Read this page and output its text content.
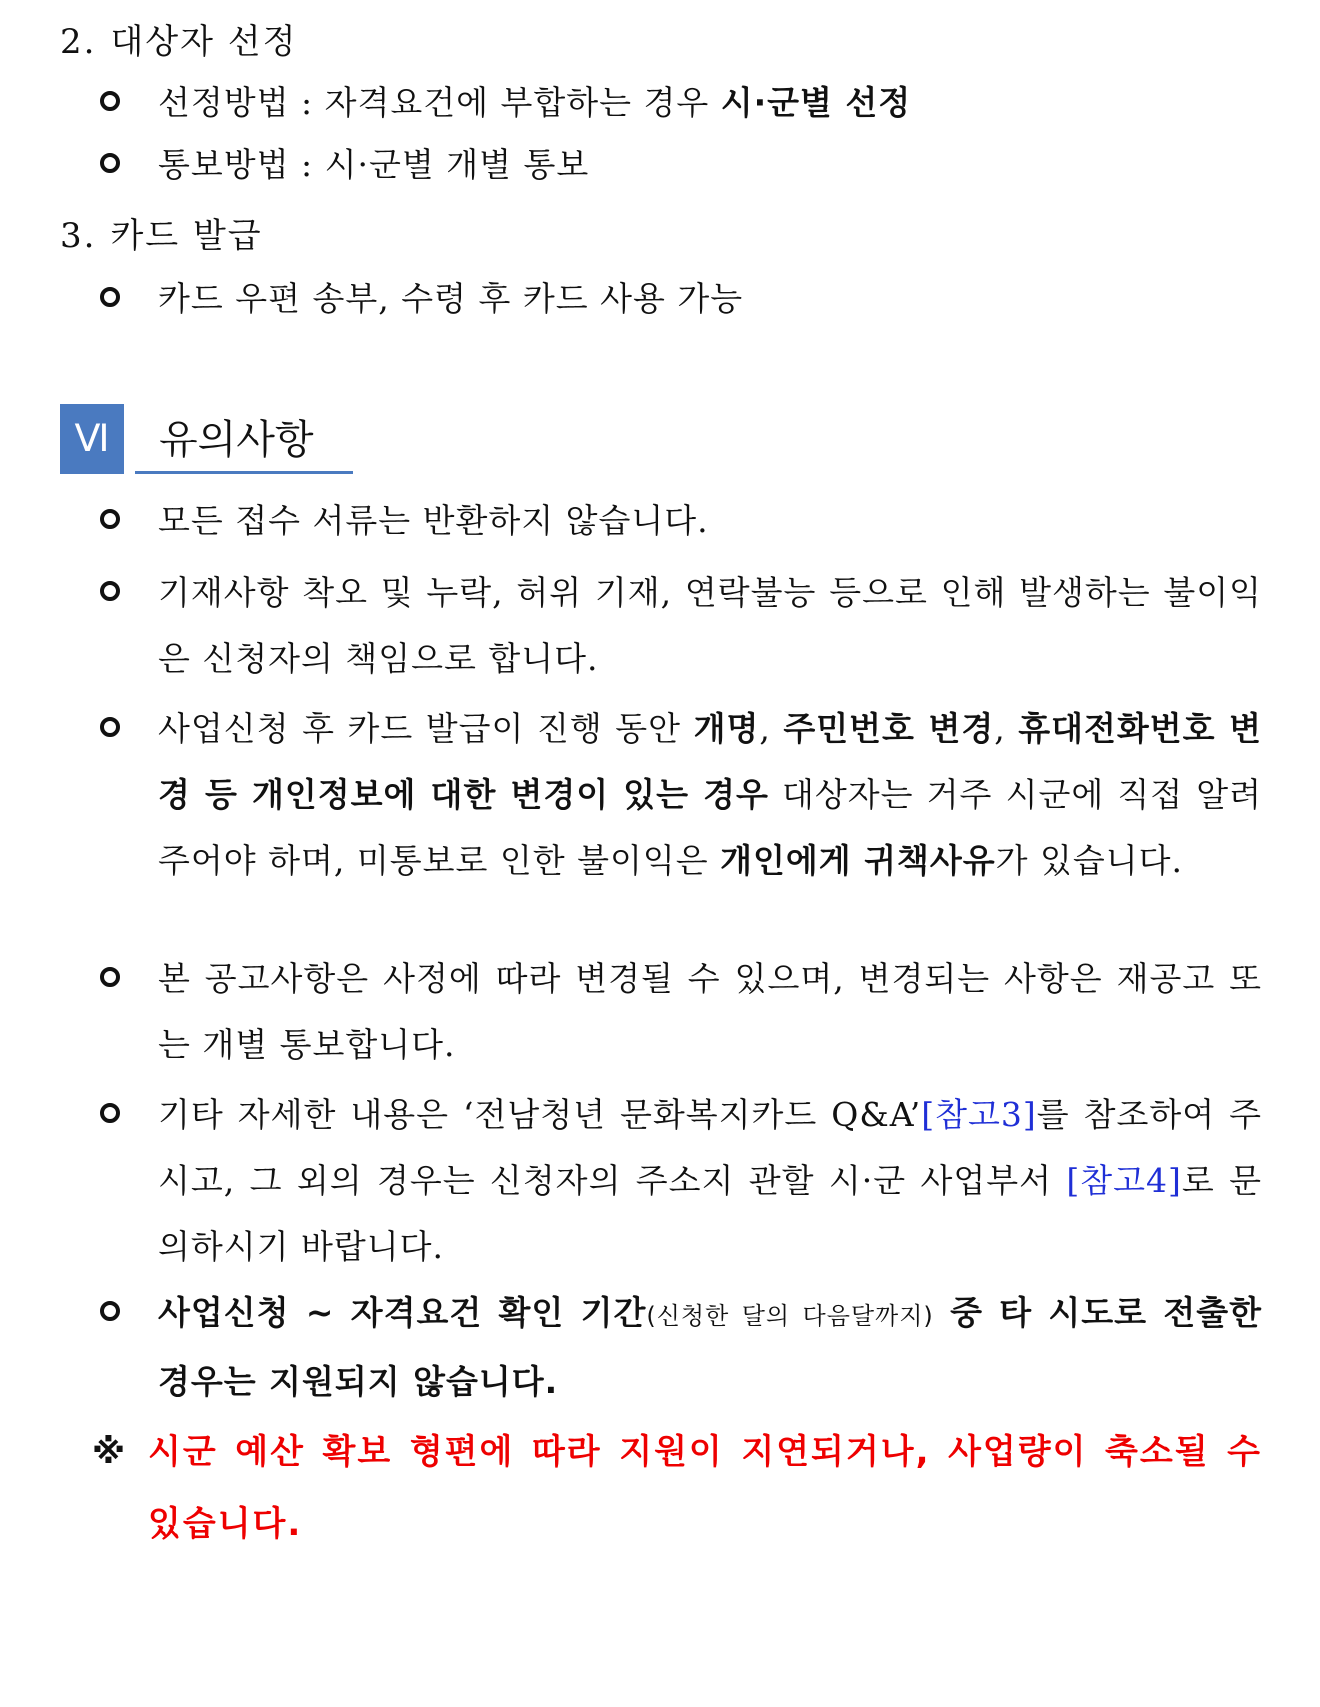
2. 대상자 선정
선정방법 : 자격요건에 부합하는 경우 시·군별 선정
통보방법 : 시·군별 개별 통보
3. 카드 발급
카드 우편 송부, 수령 후 카드 사용 가능
Ⅵ	유의사항
모든 접수 서류는 반환하지 않습니다.
기재사항 착오 및 누락, 허위 기재, 연락불능 등으로 인해 발생하는 불이익은 신청자의 책임으로 합니다.
사업신청 후 카드 발급이 진행 동안 개명, 주민번호 변경, 휴대전화번호 변경 등 개인정보에 대한 변경이 있는 경우 대상자는 거주 시군에 직접 알려주어야 하며, 미통보로 인한 불이익은 개인에게 귀책사유가 있습니다.
본 공고사항은 사정에 따라 변경될 수 있으며, 변경되는 사항은 재공고 또는 개별 통보합니다.
기타 자세한 내용은 ‘전남청년 문화복지카드 Q&A’[참고3]를 참조하여 주시고, 그 외의 경우는 신청자의 주소지 관할 시·군 사업부서 [참고4]로 문의하시기 바랍니다.
사업신청 ~ 자격요건 확인 기간(신청한 달의 다음달까지) 중 타 시도로 전출한 경우는 지원되지 않습니다.
※ 시군 예산 확보 형편에 따라 지원이 지연되거나, 사업량이 축소될 수 있습니다.
